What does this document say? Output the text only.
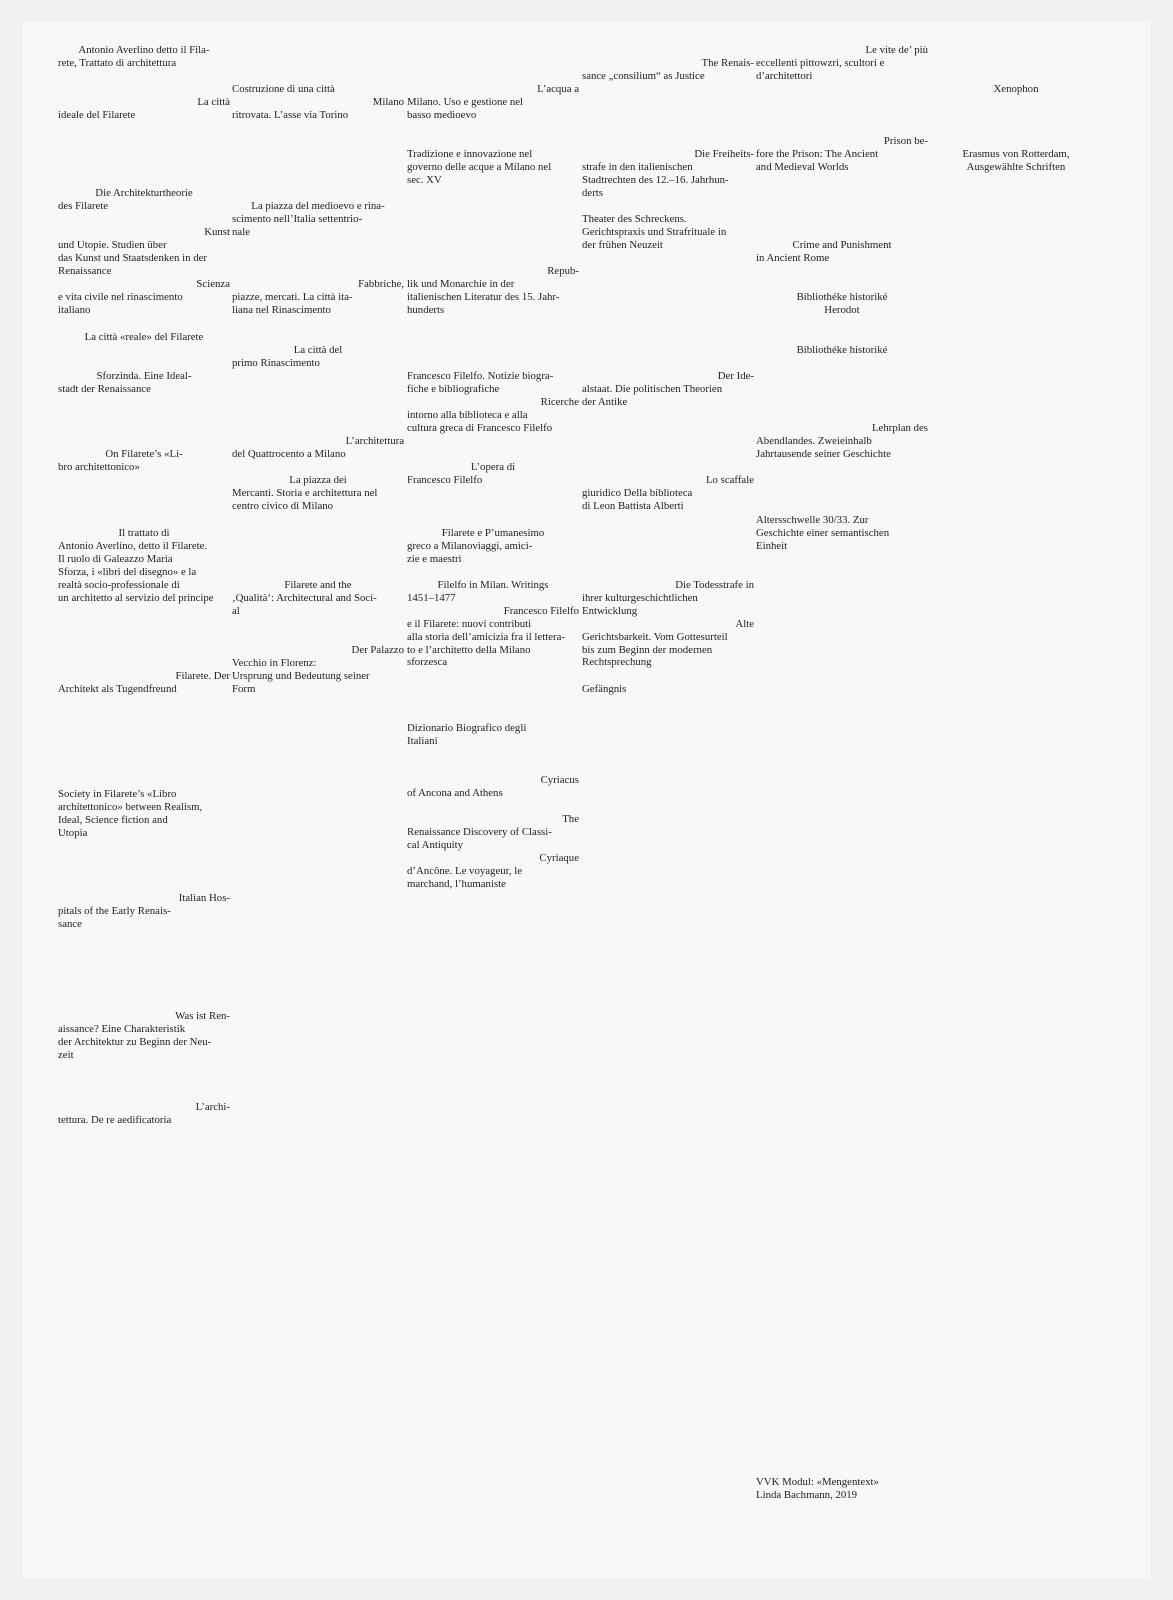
Antonio Averlino detto il Fila-

rete, Trattato di architettura

La città

ideale del Filarete

Die Architekturtheorie

des Filarete

Kunst

und Utopie. Studien über

das Kunst und Staatsdenken in der

Renaissance

Scienza

e vita civile nel rinascimento

italiano

La città «reale» del Filarete

Sforzinda. Eine Ideal-

stadt der Renaissance

On Filarete’s «Li-

bro architettonico»

Il trattato di

Antonio Averlino, detto il Filarete.

Il ruolo di Galeazzo Maria

Sforza, i «libri del disegno» e la

realtà socio-professionale di

un architetto al servizio del principe

Filarete. Der

Architekt als Tugendfreund

Society in Filarete’s «Libro

architettonico» between Realism,

Ideal, Science fiction and

Utopia

Italian Hos-

pitals of the Early Renais-

sance

Was ist Ren-

aissance? Eine Charakteristik

der Architektur zu Beginn der Neu-

zeit

L’archi-

tettura. De re aedificatoria

Costruzione di una città

Milano

ritrovata. L’asse via Torino

La piazza del medioevo e rina-

scimento nell’Italia settentrio-

nale

Fabbriche,

piazze, mercati. La città ita-

liana nel Rinascimento

La città del

primo Rinascimento

L’architettura

del Quattrocento a Milano

La piazza dei

Mercanti. Storia e architettura nel

centro civico di Milano

Filarete and the

‚Qualità‘: Architectural and Soci-

al

Der Palazzo

Vecchio in Florenz:

Ursprung und Bedeutung seiner

Form

L’acqua a

Milano. Uso e gestione nel

basso medioevo

Tradizione e innovazione nel

governo delle acque a Milano nel

sec. XV

Repub-

lik und Monarchie in der

italienischen Literatur des 15. Jahr-

hunderts

Francesco Filelfo. Notizie biogra-

fiche e bibliografiche

Ricerche

intorno alla biblioteca e alla

cultura greca di Francesco Filelfo

L’opera di

Francesco Filelfo

Filarete e P’umanesimo

greco a Milanoviaggi, amici-

zie e maestri

Filelfo in Milan. Writings

1451–1477

Francesco Filelfo

e il Filarete: nuovi contributi

alla storia dell’amicizia fra il lettera-

to e l’architetto della Milano

sforzesca

Dizionario Biografico degli

Italiani

Cyriacus

of Ancona and Athens

The

Renaissance Discovery of Classi-

cal Antiquity

Cyriaque

d’Ancône. Le voyageur, le

marchand, l’humaniste

The Renais-

sance „consilium“ as Justice

Die Freiheits-

strafe in den italienischen

Stadtrechten des 12.–16. Jahrhun-

derts

Theater des Schreckens.

Gerichtspraxis und Strafrituale in

der frühen Neuzeit

Der Ide-

alstaat. Die politischen Theorien

der Antike

Lo scaffale

giuridico Della biblioteca

di Leon Battista Alberti

Die Todesstrafe in

ihrer kulturgeschichtlichen

Entwicklung

Alte

Gerichtsbarkeit. Vom Gottesurteil

bis zum Beginn der modernen

Rechtsprechung

Gefängnis

Le vite de’ più

eccellenti pittowzri, scultori e

d’architettori

Prison be-

fore the Prison: The Ancient

and Medieval Worlds

Crime and Punishment

in Ancient Rome

Bibliothéke historiké

Herodot

Bibliothéke historiké

Lehrplan des

Abendlandes. Zweieinhalb

Jahrtausende seiner Geschichte

Altersschwelle 30/33. Zur

Geschichte einer semantischen

Einheit

Xenophon

Erasmus von Rotterdam,

Ausgewählte Schriften

VVK Modul: «Mengentext»

Linda Bachmann, 2019
